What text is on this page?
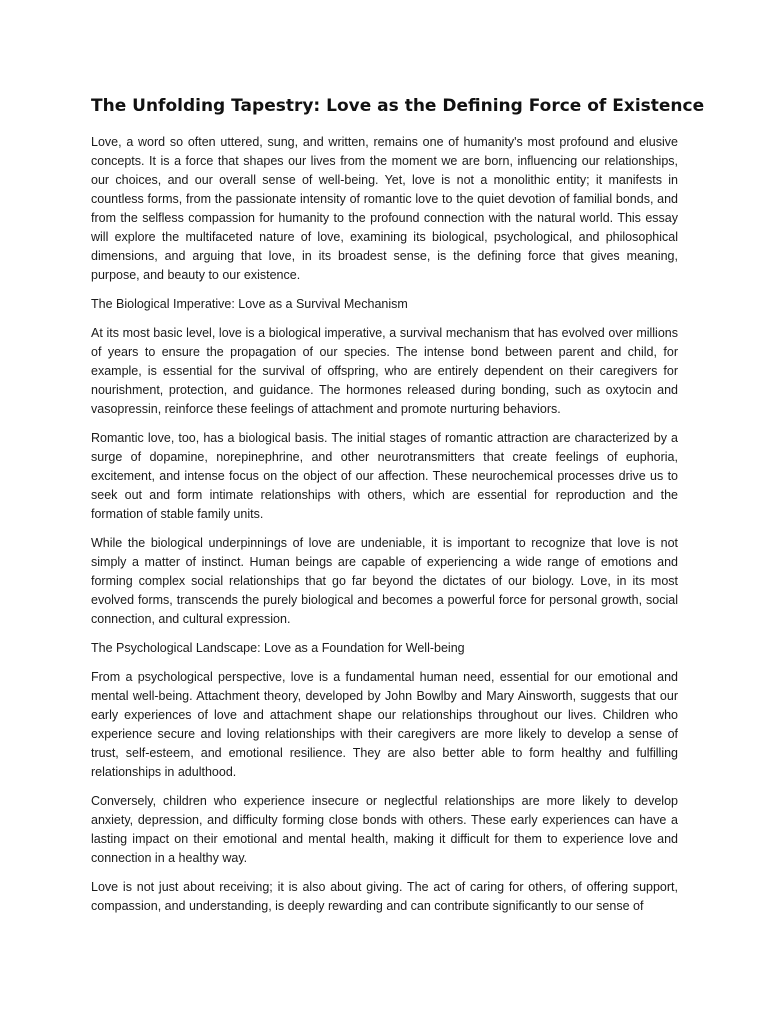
The Unfolding Tapestry: Love as the Defining Force of Existence

Love, a word so often uttered, sung, and written, remains one of humanity's most profound and elusive concepts. It is a force that shapes our lives from the moment we are born, influencing our relationships, our choices, and our overall sense of well-being. Yet, love is not a monolithic entity; it manifests in countless forms, from the passionate intensity of romantic love to the quiet devotion of familial bonds, and from the selfless compassion for humanity to the profound connection with the natural world. This essay will explore the multifaceted nature of love, examining its biological, psychological, and philosophical dimensions, and arguing that love, in its broadest sense, is the defining force that gives meaning, purpose, and beauty to our existence.

The Biological Imperative: Love as a Survival Mechanism

At its most basic level, love is a biological imperative, a survival mechanism that has evolved over millions of years to ensure the propagation of our species. The intense bond between parent and child, for example, is essential for the survival of offspring, who are entirely dependent on their caregivers for nourishment, protection, and guidance. The hormones released during bonding, such as oxytocin and vasopressin, reinforce these feelings of attachment and promote nurturing behaviors.

Romantic love, too, has a biological basis. The initial stages of romantic attraction are characterized by a surge of dopamine, norepinephrine, and other neurotransmitters that create feelings of euphoria, excitement, and intense focus on the object of our affection. These neurochemical processes drive us to seek out and form intimate relationships with others, which are essential for reproduction and the formation of stable family units.

While the biological underpinnings of love are undeniable, it is important to recognize that love is not simply a matter of instinct. Human beings are capable of experiencing a wide range of emotions and forming complex social relationships that go far beyond the dictates of our biology. Love, in its most evolved forms, transcends the purely biological and becomes a powerful force for personal growth, social connection, and cultural expression.

The Psychological Landscape: Love as a Foundation for Well-being

From a psychological perspective, love is a fundamental human need, essential for our emotional and mental well-being. Attachment theory, developed by John Bowlby and Mary Ainsworth, suggests that our early experiences of love and attachment shape our relationships throughout our lives. Children who experience secure and loving relationships with their caregivers are more likely to develop a sense of trust, self-esteem, and emotional resilience. They are also better able to form healthy and fulfilling relationships in adulthood.

Conversely, children who experience insecure or neglectful relationships are more likely to develop anxiety, depression, and difficulty forming close bonds with others. These early experiences can have a lasting impact on their emotional and mental health, making it difficult for them to experience love and connection in a healthy way.

Love is not just about receiving; it is also about giving. The act of caring for others, of offering support, compassion, and understanding, is deeply rewarding and can contribute significantly to our sense of
